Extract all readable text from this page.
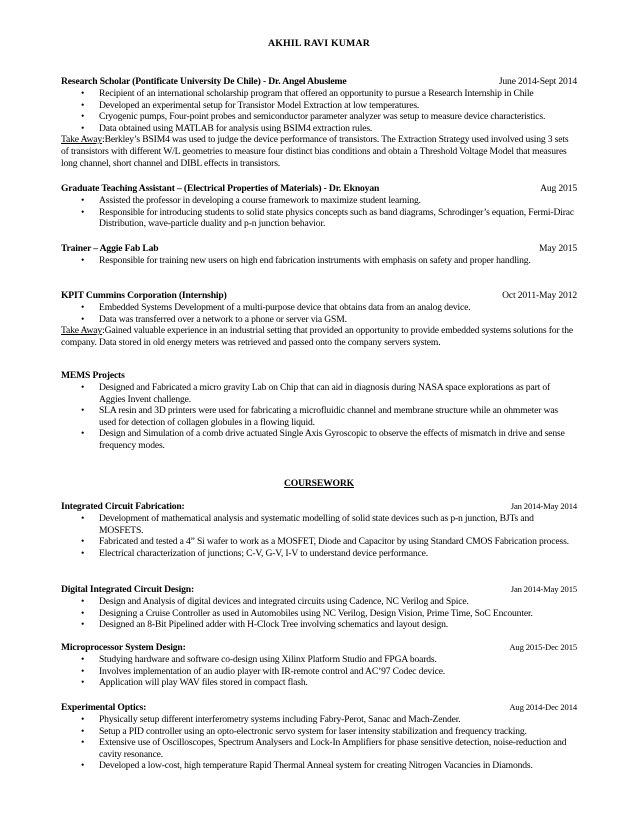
AKHIL RAVI KUMAR
Research Scholar (Pontificate University De Chile) - Dr. Angel Abusleme	June 2014-Sept 2014
• Recipient of an international scholarship program that offered an opportunity to pursue a Research Internship in Chile
• Developed an experimental setup for Transistor Model Extraction at low temperatures.
• Cryogenic pumps, Four-point probes and semiconductor parameter analyzer was setup to measure device characteristics.
• Data obtained using MATLAB for analysis using BSIM4 extraction rules.
Take Away:Berkley’s BSIM4 was used to judge the device performance of transistors. The Extraction Strategy used involved using 3 sets of transistors with different W/L geometries to measure four distinct bias conditions and obtain a Threshold Voltage Model that measures long channel, short channel and DIBL effects in transistors.
Graduate Teaching Assistant – (Electrical Properties of Materials) - Dr. Eknoyan	Aug 2015
• Assisted the professor in developing a course framework to maximize student learning.
• Responsible for introducing students to solid state physics concepts such as band diagrams, Schrodinger’s equation, Fermi-Dirac Distribution, wave-particle duality and p-n junction behavior.
Trainer – Aggie Fab Lab	May 2015
• Responsible for training new users on high end fabrication instruments with emphasis on safety and proper handling.
KPIT Cummins Corporation (Internship)	Oct 2011-May 2012
• Embedded Systems Development of a multi-purpose device that obtains data from an analog device.
• Data was transferred over a network to a phone or server via GSM.
Take Away:Gained valuable experience in an industrial setting that provided an opportunity to provide embedded systems solutions for the company. Data stored in old energy meters was retrieved and passed onto the company servers system.
MEMS Projects
• Designed and Fabricated a micro gravity Lab on Chip that can aid in diagnosis during NASA space explorations as part of Aggies Invent challenge.
• SLA resin and 3D printers were used for fabricating a microfluidic channel and membrane structure while an ohmmeter was used for detection of collagen globules in a flowing liquid.
• Design and Simulation of a comb drive actuated Single Axis Gyroscopic to observe the effects of mismatch in drive and sense frequency modes.
COURSEWORK
Integrated Circuit Fabrication:	Jan 2014-May 2014
• Development of mathematical analysis and systematic modelling of solid state devices such as p-n junction, BJTs and MOSFETS.
• Fabricated and tested a 4” Si wafer to work as a MOSFET, Diode and Capacitor by using Standard CMOS Fabrication process.
• Electrical characterization of junctions; C-V, G-V, I-V to understand device performance.
Digital Integrated Circuit Design:	Jan 2014-May 2015
• Design and Analysis of digital devices and integrated circuits using Cadence, NC Verilog and Spice.
• Designing a Cruise Controller as used in Automobiles using NC Verilog, Design Vision, Prime Time, SoC Encounter.
• Designed an 8-Bit Pipelined adder with H-Clock Tree involving schematics and layout design.
Microprocessor System Design:	Aug 2015-Dec 2015
• Studying hardware and software co-design using Xilinx Platform Studio and FPGA boards.
• Involves implementation of an audio player with IR-remote control and AC’97 Codec device.
• Application will play WAV files stored in compact flash.
Experimental Optics:	Aug 2014-Dec 2014
• Physically setup different interferometry systems including Fabry-Perot, Sanac and Mach-Zender.
• Setup a PID controller using an opto-electronic servo system for laser intensity stabilization and frequency tracking.
• Extensive use of Oscilloscopes, Spectrum Analysers and Lock-In Amplifiers for phase sensitive detection, noise-reduction and cavity resonance.
• Developed a low-cost, high temperature Rapid Thermal Anneal system for creating Nitrogen Vacancies in Diamonds.
